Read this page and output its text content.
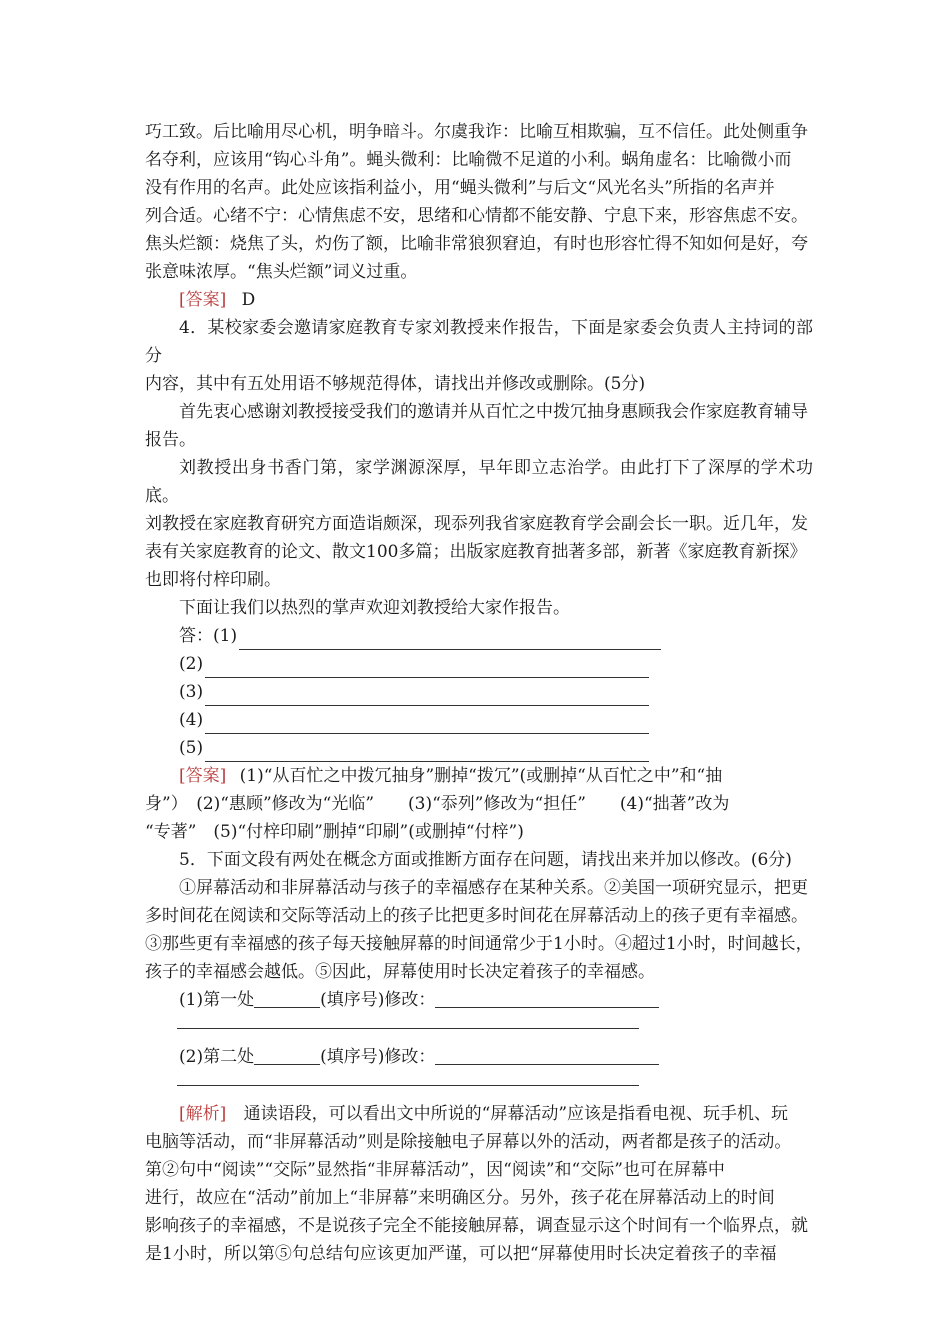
巧工致。后比喻用尽心机，明争暗斗。尔虞我诈：比喻互相欺骗，互不信任。此处侧重争

名夺利，应该用“钩心斗角”。蝇头微利：比喻微不足道的小利。蜗角虚名：比喻微小而

没有作用的名声。此处应该指利益小，用“蝇头微利”与后文“风光名头”所指的名声并

列合适。心绪不宁：心情焦虑不安，思绪和心情都不能安静、宁息下来，形容焦虑不安。

焦头烂额：烧焦了头，灼伤了额，比喻非常狼狈窘迫，有时也形容忙得不知如何是好，夸

张意味浓厚。“焦头烂额”词义过重。

[答案] D

4．某校家委会邀请家庭教育专家刘教授来作报告，下面是家委会负责人主持词的部分

内容，其中有五处用语不够规范得体，请找出并修改或删除。(5分)

首先衷心感谢刘教授接受我们的邀请并从百忙之中拨冗抽身惠顾我会作家庭教育辅导

报告。

刘教授出身书香门第，家学渊源深厚，早年即立志治学。由此打下了深厚的学术功底。

刘教授在家庭教育研究方面造诣颇深，现忝列我省家庭教育学会副会长一职。近几年，发

表有关家庭教育的论文、散文100多篇；出版家庭教育拙著多部，新著《家庭教育新探》

也即将付梓印刷。

下面让我们以热烈的掌声欢迎刘教授给大家作报告。

答： (1)
(2)
(3)
(4)
(5)

[答案] (1)“从百忙之中拨冗抽身”删掉“拨冗”(或删掉“从百忙之中”和“抽

身”）　(2)“惠顾”修改为“光临”　　(3)“忝列”修改为“担任”　　(4)“拙著”改为

“专著”　(5)“付梓印刷”删掉“印刷”(或删掉“付梓”)

5．下面文段有两处在概念方面或推断方面存在问题，请找出来并加以修改。(6分)

①屏幕活动和非屏幕活动与孩子的幸福感存在某种关系。②美国一项研究显示，把更

多时间花在阅读和交际等活动上的孩子比把更多时间花在屏幕活动上的孩子更有幸福感。

③那些更有幸福感的孩子每天接触屏幕的时间通常少于1小时。④超过1小时，时间越长，

孩子的幸福感会越低。⑤因此，屏幕使用时长决定着孩子的幸福感。

(1)第一处	(填序号)修改：
(2)第二处	(填序号)修改：

[解析] 通读语段，可以看出文中所说的“屏幕活动”应该是指看电视、玩手机、玩

电脑等活动，而“非屏幕活动”则是除接触电子屏幕以外的活动，两者都是孩子的活动。

第②句中“阅读”“交际”显然指“非屏幕活动”，因“阅读”和“交际”也可在屏幕中

进行，故应在“活动”前加上“非屏幕”来明确区分。另外，孩子花在屏幕活动上的时间

影响孩子的幸福感，不是说孩子完全不能接触屏幕，调查显示这个时间有一个临界点，就

是1小时，所以第⑤句总结句应该更加严谨，可以把“屏幕使用时长决定着孩子的幸福
